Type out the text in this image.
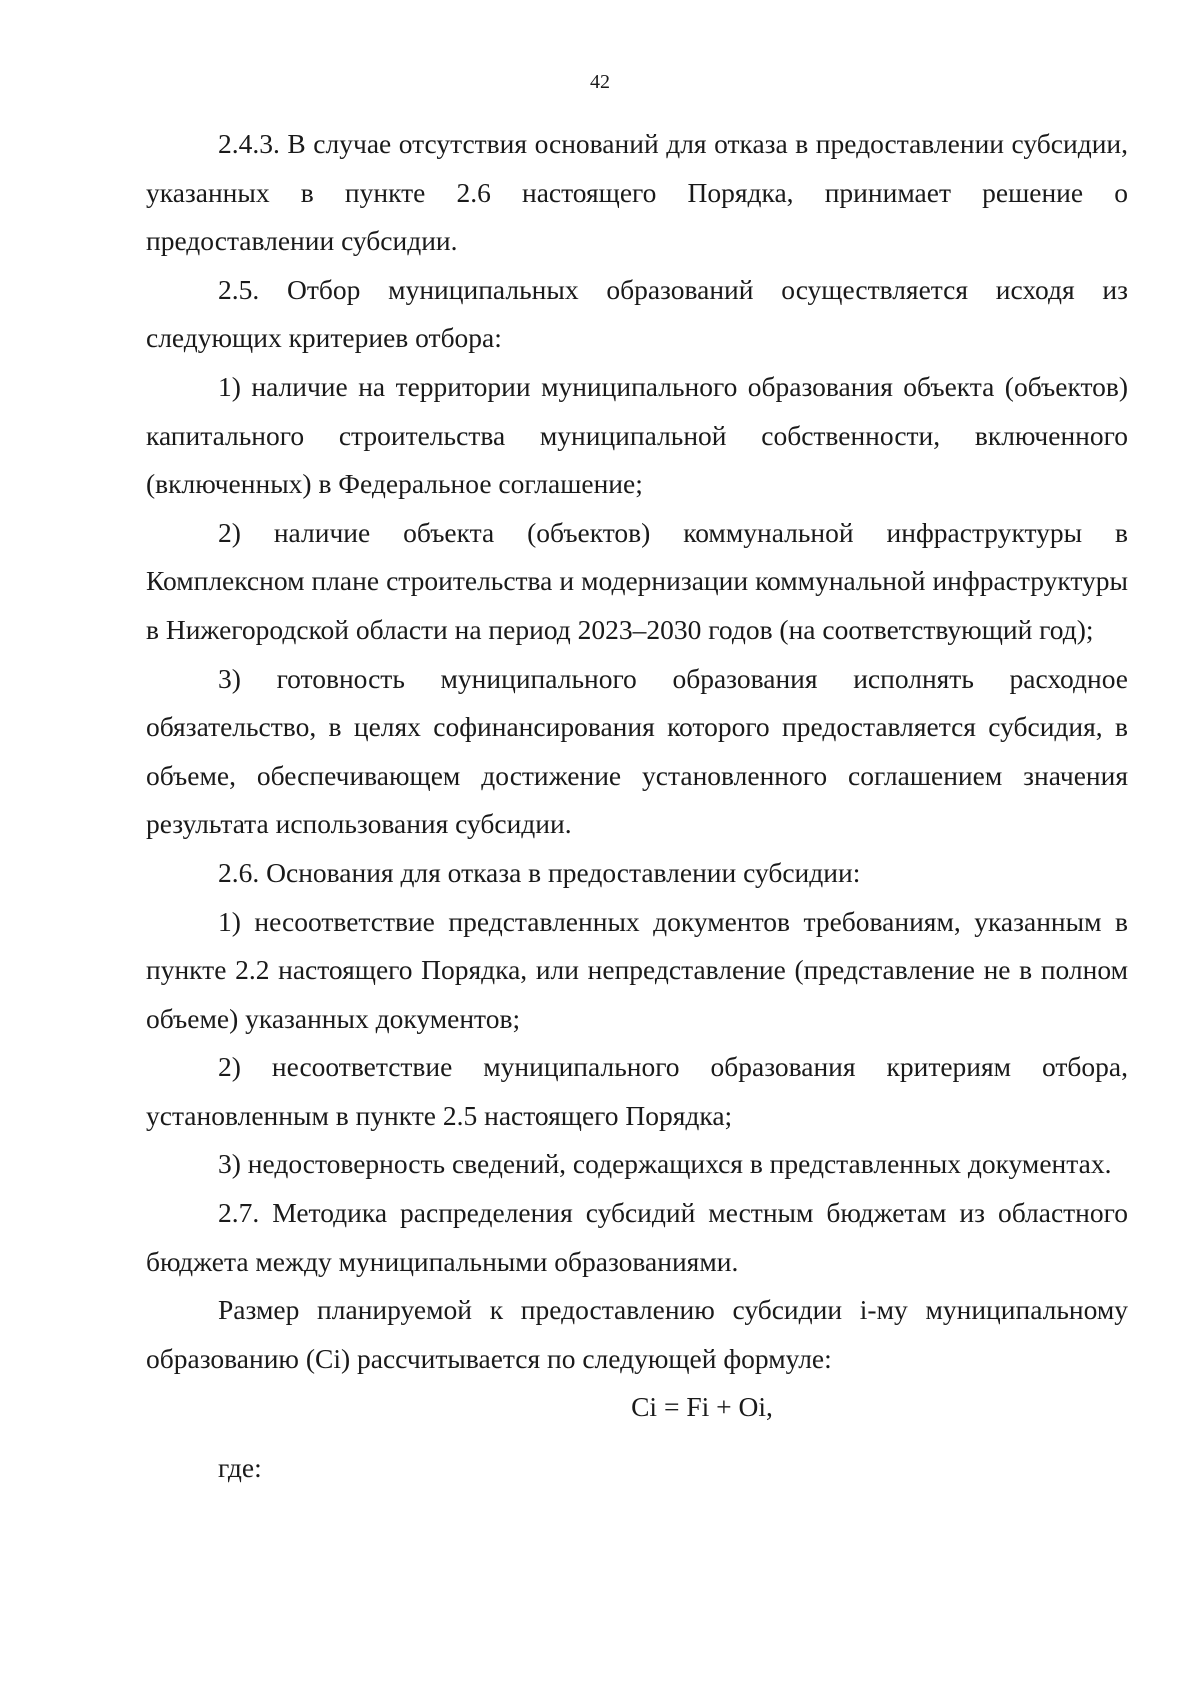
42

2.4.3. В случае отсутствия оснований для отказа в предоставлении субсидии, указанных в пункте 2.6 настоящего Порядка, принимает решение о предоставлении субсидии.

2.5. Отбор муниципальных образований осуществляется исходя из следующих критериев отбора:

1) наличие на территории муниципального образования объекта (объектов) капитального строительства муниципальной собственности, включенного (включенных) в Федеральное соглашение;

2) наличие объекта (объектов) коммунальной инфраструктуры в Комплексном плане строительства и модернизации коммунальной инфраструктуры в Нижегородской области на период 2023–2030 годов (на соответствующий год);

3) готовность муниципального образования исполнять расходное обязательство, в целях софинансирования которого предоставляется субсидия, в объеме, обеспечивающем достижение установленного соглашением значения результата использования субсидии.

2.6. Основания для отказа в предоставлении субсидии:

1) несоответствие представленных документов требованиям, указанным в пункте 2.2 настоящего Порядка, или непредставление (представление не в полном объеме) указанных документов;

2) несоответствие муниципального образования критериям отбора, установленным в пункте 2.5 настоящего Порядка;

3) недостоверность сведений, содержащихся в представленных документах.

2.7. Методика распределения субсидий местным бюджетам из областного бюджета между муниципальными образованиями.

Размер планируемой к предоставлению субсидии i-му муниципальному образованию (Ci) рассчитывается по следующей формуле:

Ci = Fi + Oi,

где:
